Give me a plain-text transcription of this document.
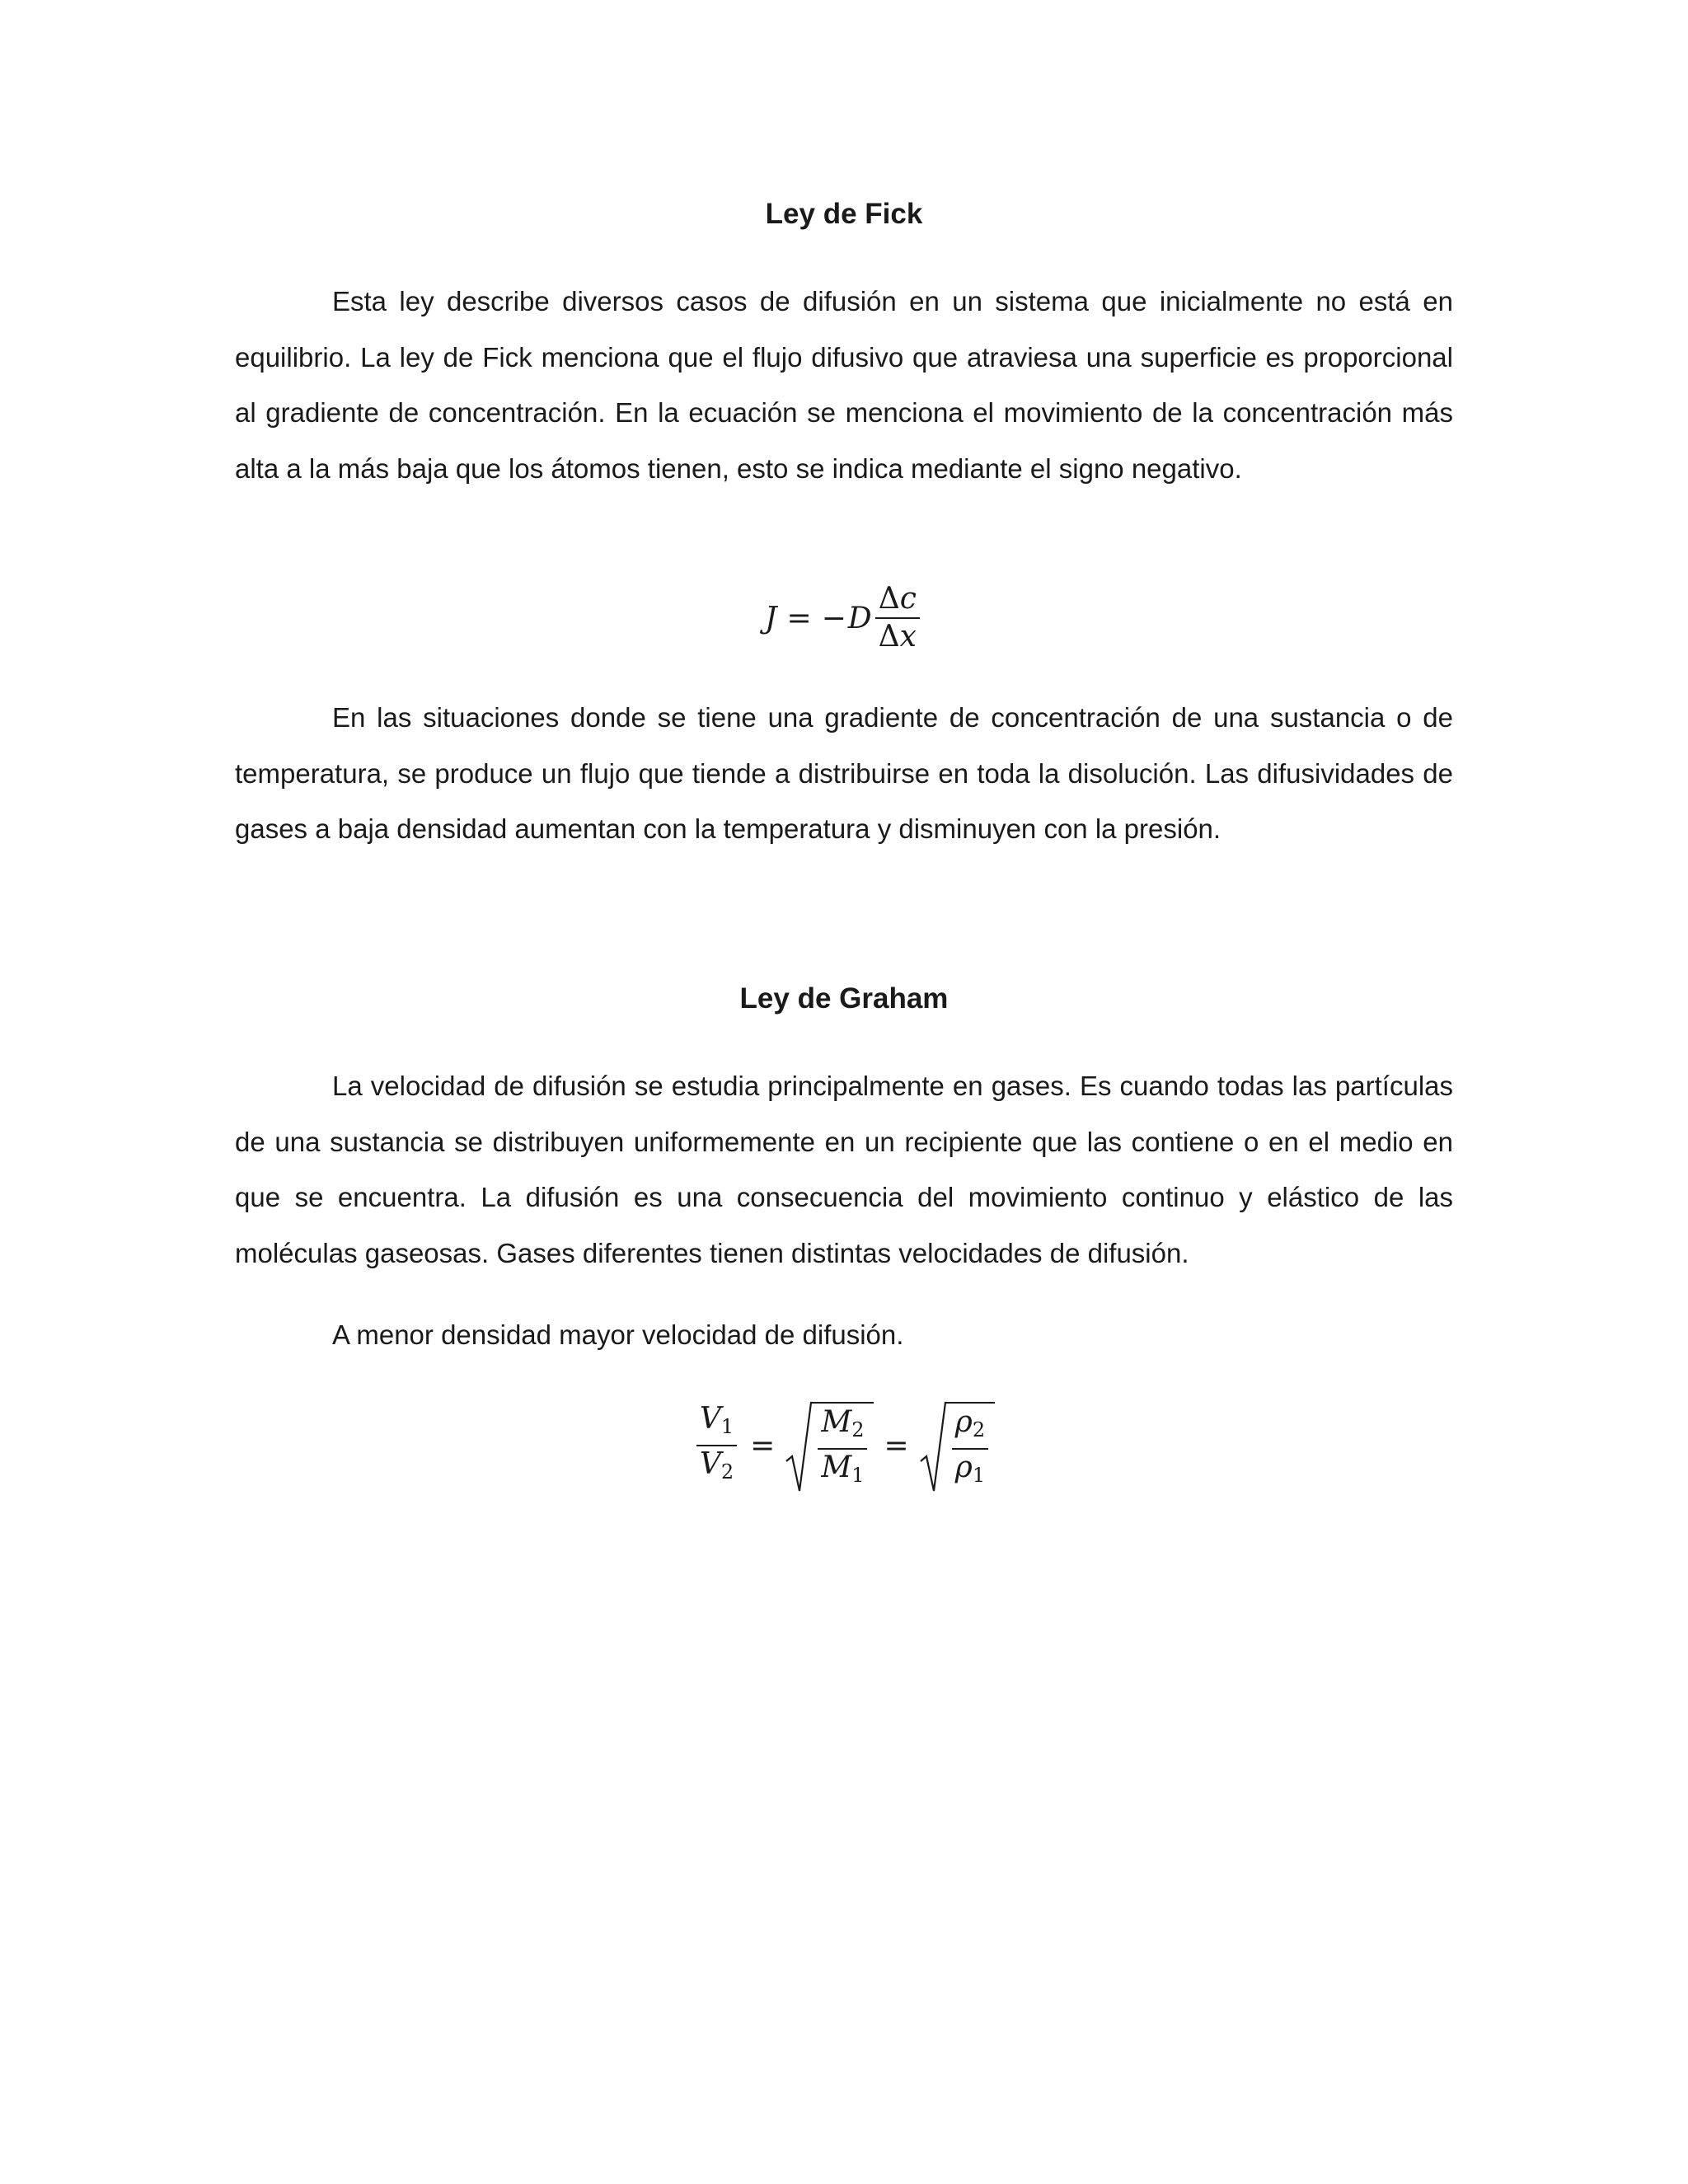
Ley de Fick

Esta ley describe diversos casos de difusión en un sistema que inicialmente no está en equilibrio. La ley de Fick menciona que el flujo difusivo que atraviesa una superficie es proporcional al gradiente de concentración. En la ecuación se menciona el movimiento de la concentración más alta a la más baja que los átomos tienen, esto se indica mediante el signo negativo.

J = − D $\frac{\Delta c}{\Delta x}$

En las situaciones donde se tiene una gradiente de concentración de una sustancia o de temperatura, se produce un flujo que tiende a distribuirse en toda la disolución. Las difusividades de gases a baja densidad aumentan con la temperatura y disminuyen con la presión.

Ley de Graham

La velocidad de difusión se estudia principalmente en gases. Es cuando todas las partículas de una sustancia se distribuyen uniformemente en un recipiente que las contiene o en el medio en que se encuentra. La difusión es una consecuencia del movimiento continuo y elástico de las moléculas gaseosas. Gases diferentes tienen distintas velocidades de difusión.

A menor densidad mayor velocidad de difusión.

$\frac{V_1}{V_2} = \frac{M_2}{M_1} = \frac{\rho_2}{\rho_1}$
